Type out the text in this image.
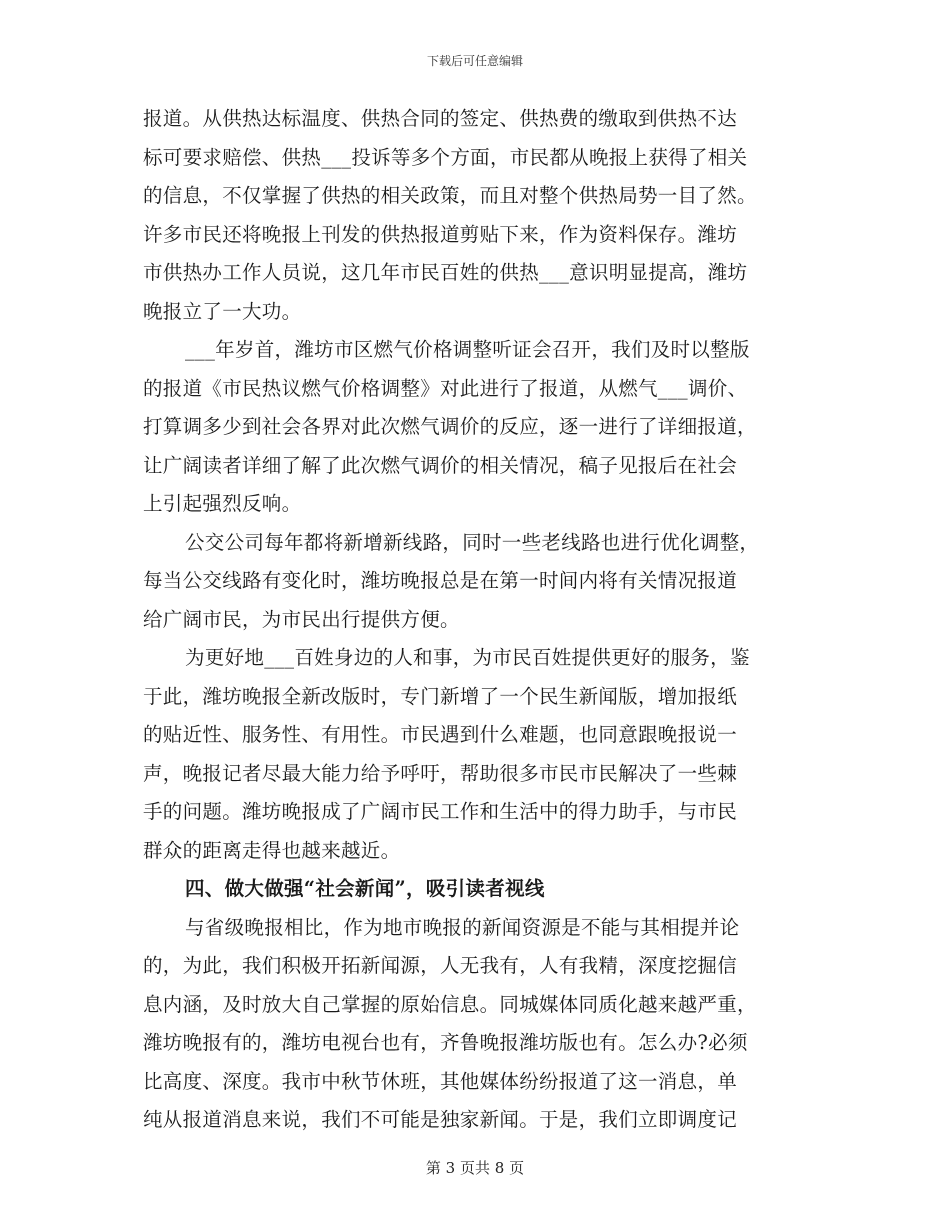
下载后可任意编辑
报道。从供热达标温度、供热合同的签定、供热费的缴取到供热不达
标可要求赔偿、供热___投诉等多个方面，市民都从晚报上获得了相关
的信息，不仅掌握了供热的相关政策，而且对整个供热局势一目了然。
许多市民还将晚报上刊发的供热报道剪贴下来，作为资料保存。潍坊
市供热办工作人员说，这几年市民百姓的供热___意识明显提高，潍坊
晚报立了一大功。
___年岁首，潍坊市区燃气价格调整听证会召开，我们及时以整版
的报道《市民热议燃气价格调整》对此进行了报道，从燃气___调价、
打算调多少到社会各界对此次燃气调价的反应，逐一进行了详细报道，
让广阔读者详细了解了此次燃气调价的相关情况，稿子见报后在社会
上引起强烈反响。
公交公司每年都将新增新线路，同时一些老线路也进行优化调整，
每当公交线路有变化时，潍坊晚报总是在第一时间内将有关情况报道
给广阔市民，为市民出行提供方便。
为更好地___百姓身边的人和事，为市民百姓提供更好的服务，鉴
于此，潍坊晚报全新改版时，专门新增了一个民生新闻版，增加报纸
的贴近性、服务性、有用性。市民遇到什么难题，也同意跟晚报说一
声，晚报记者尽最大能力给予呼吁，帮助很多市民市民解决了一些棘
手的问题。潍坊晚报成了广阔市民工作和生活中的得力助手，与市民
群众的距离走得也越来越近。
四、做大做强“社会新闻”，吸引读者视线
与省级晚报相比，作为地市晚报的新闻资源是不能与其相提并论
的，为此，我们积极开拓新闻源，人无我有，人有我精，深度挖掘信
息内涵，及时放大自己掌握的原始信息。同城媒体同质化越来越严重，
潍坊晚报有的，潍坊电视台也有，齐鲁晚报潍坊版也有。怎么办?必须
比高度、深度。我市中秋节休班，其他媒体纷纷报道了这一消息，单
纯从报道消息来说，我们不可能是独家新闻。于是，我们立即调度记
第 3 页共 8 页
